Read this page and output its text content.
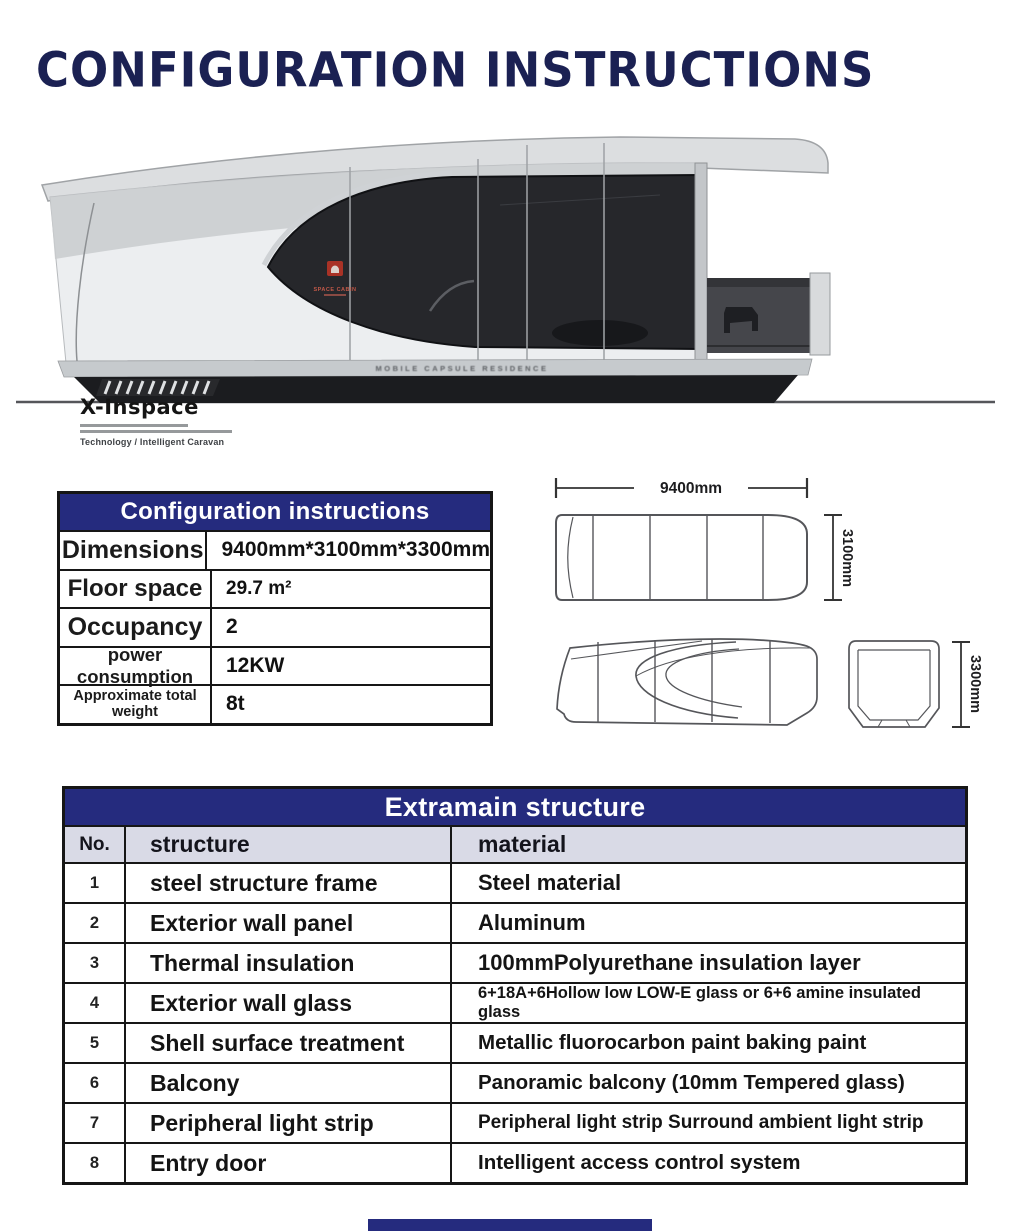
CONFIGURATION INSTRUCTIONS
SPACE CABIN
MOBILE CAPSULE RESIDENCE
X-Inspace
Technology / Intelligent Caravan
Configuration instructions
Dimensions 9400mm*3100mm*3300mm
Floor space	29.7 m²
Occupancy	2
power consumption	12KW
Approximate total weight	8t
9400mm
3100mm
3300mm
Extramain structure
No.	structure	material
1	steel structure frame	Steel material
2	Exterior wall panel	Aluminum
3	Thermal insulation	100mmPolyurethane insulation layer
4	Exterior wall glass	6+18A+6Hollow low LOW-E glass or 6+6 amine insulated glass
5	Shell surface treatment	Metallic fluorocarbon paint baking paint
6	Balcony	Panoramic balcony (10mm Tempered glass)
7	Peripheral light strip	Peripheral light strip Surround ambient light strip
8	Entry door	Intelligent access control system
